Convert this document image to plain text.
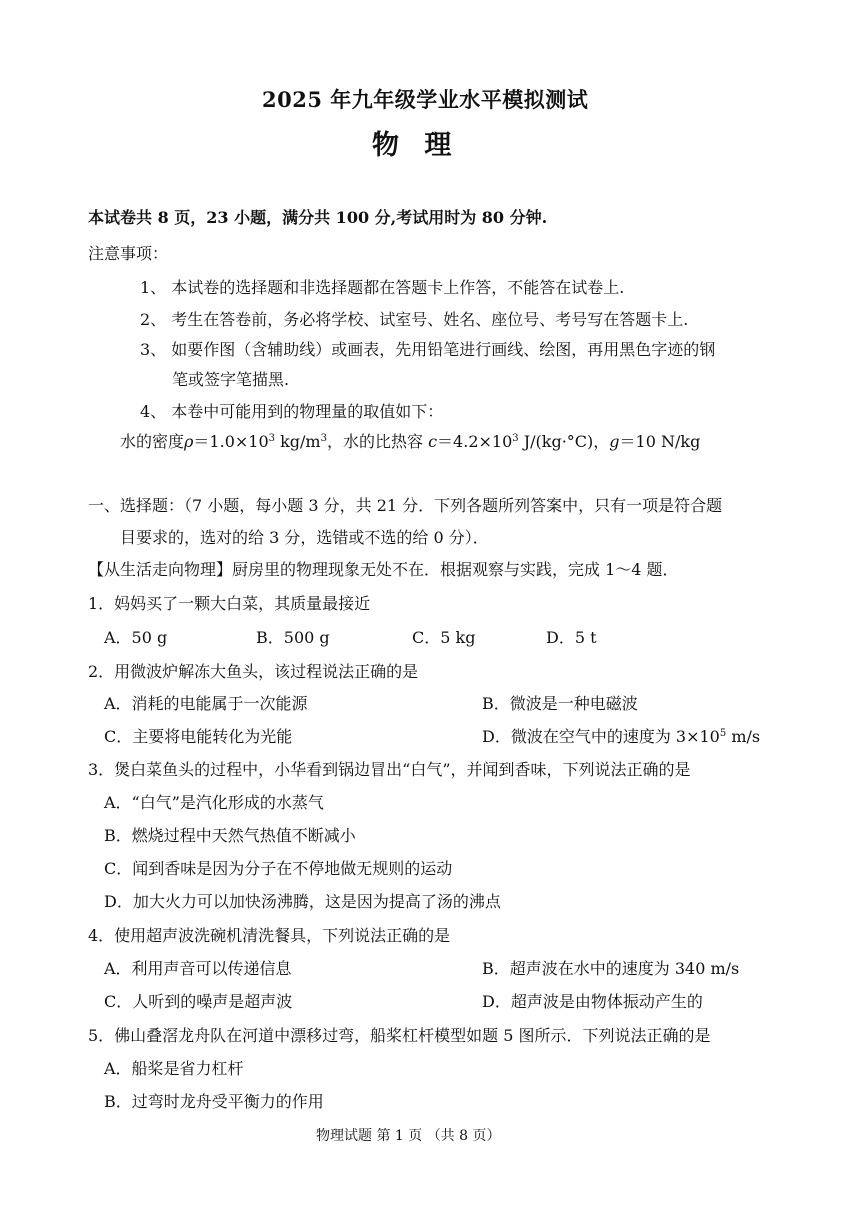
2025 年九年级学业水平模拟测试
物 理
本试卷共 8 页，23 小题，满分共 100 分,考试用时为 80 分钟.
注意事项：
1、 本试卷的选择题和非选择题都在答题卡上作答，不能答在试卷上.
2、 考生在答卷前，务必将学校、试室号、姓名、座位号、考号写在答题卡上.
3、 如要作图（含辅助线）或画表，先用铅笔进行画线、绘图，再用黑色字迹的钢
笔或签字笔描黑.
4、 本卷中可能用到的物理量的取值如下：
水的密度$\rho=1.0\times 10^3$ $kg/m^3$，水的比热容 $c=4.2\times 10^3$ J/(kg·°C)，g＝10 N/kg
一、选择题：（7 小题，每小题 3 分，共 21 分．下列各题所列答案中，只有一项是符合题
目要求的，选对的给 3 分，选错或不选的给 0 分）．
【从生活走向物理】厨房里的物理现象无处不在．根据观察与实践，完成 1～4 题．
1．妈妈买了一颗大白菜，其质量最接近
A．50 g	B．500 g	C．5 kg	D．5 t
2．用微波炉解冻大鱼头，该过程说法正确的是
A．消耗的电能属于一次能源	B．微波是一种电磁波
C．主要将电能转化为光能	D．微波在空气中的速度为 $3\times 10^5$ m/s
3．煲白菜鱼头的过程中，小华看到锅边冒出“白气”，并闻到香味，下列说法正确的是
A．“白气”是汽化形成的水蒸气
B．燃烧过程中天然气热值不断减小
C．闻到香味是因为分子在不停地做无规则的运动
D．加大火力可以加快汤沸腾，这是因为提高了汤的沸点
4．使用超声波洗碗机清洗餐具，下列说法正确的是
A．利用声音可以传递信息	B．超声波在水中的速度为 340 m/s
C．人听到的噪声是超声波	D．超声波是由物体振动产生的
5．佛山叠滘龙舟队在河道中漂移过弯，船桨杠杆模型如题 5 图所示．下列说法正确的是
A．船桨是省力杠杆
B．过弯时龙舟受平衡力的作用
物理试题 第 1 页 （共 8 页）
